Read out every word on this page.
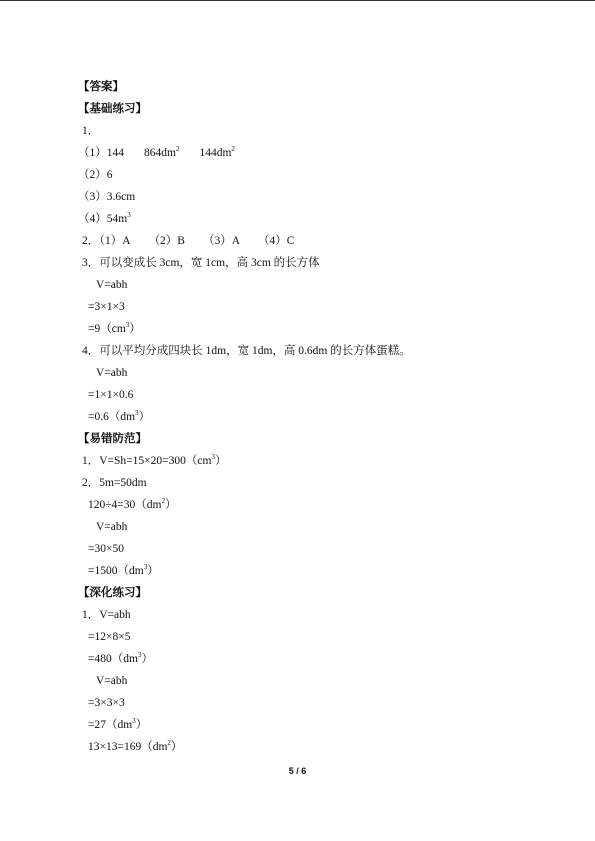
【答案】
【基础练习】
1．
（1）144 $864dm^2$ $144dm^2$
（2）6
（3）3.6cm
$(4)54m^3$
2．（1）A （2）B （3）A （4）C
3．可以变成长 3cm，宽 1cm，高 3cm 的长方体
V=abh
=3×1×3
$=9(cm^3)$
4．可以平均分成四块长 1dm，宽 1dm，高 0.6dm 的长方体蛋糕。
V=abh
=1×1×0.6
$=0.6(dm^3)$
【易错防范】
1．$V=Sh=15\times 20=300(cm^3)$
2．5m=50dm
$120\div 4=30(dm^2)$
V=abh
=30×50
$=1500(dm^3)$
【深化练习】
1．V=abh
=12×8×5
$=480(dm^3)$
V=abh
=3×3×3
$=27(dm^3)$
$13\times 13=169(dm^2)$
5 / 6
